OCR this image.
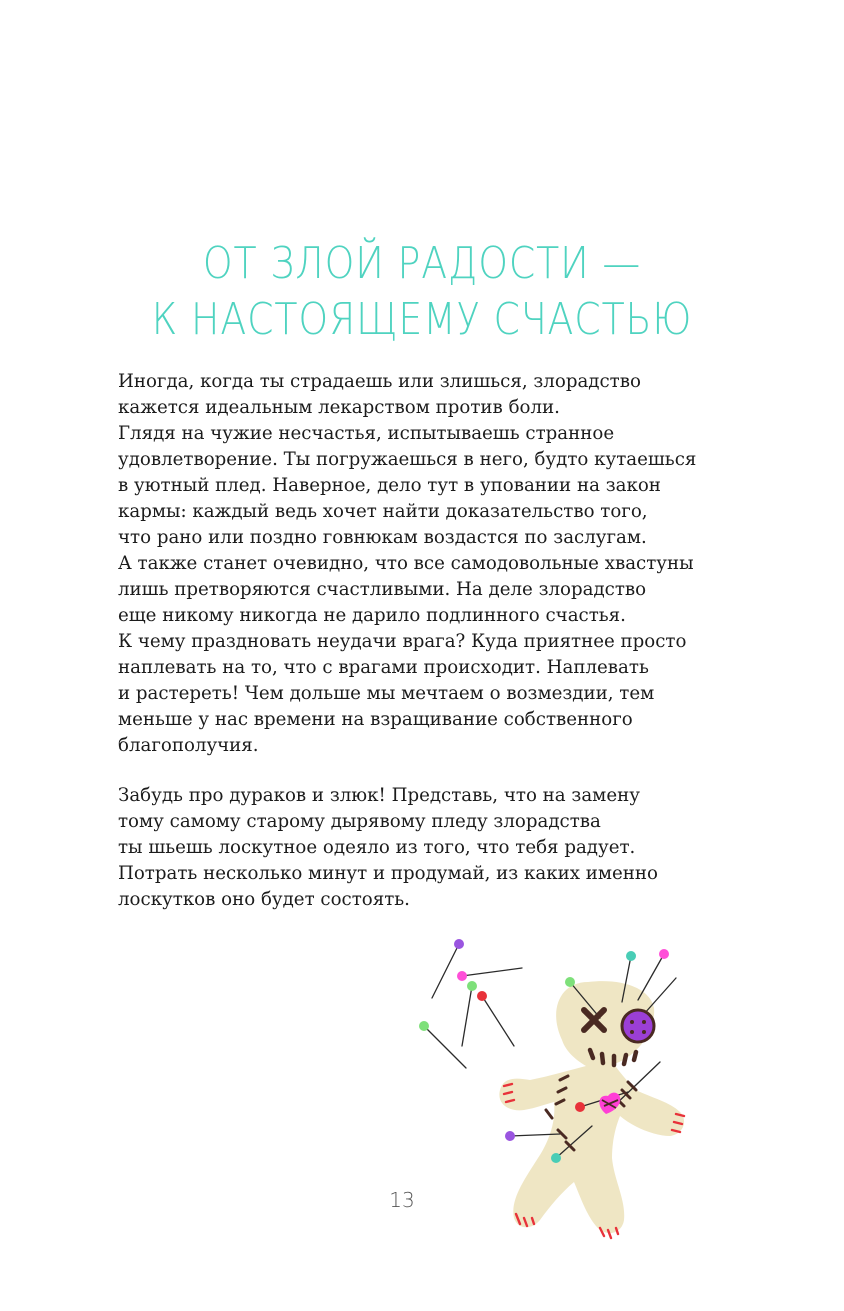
ОТ ЗЛОЙ РАДОСТИ —
К НАСТОЯЩЕМУ СЧАСТЬЮ

Иногда, когда ты страдаешь или злишься, злорадство
кажется идеальным лекарством против боли.
Глядя на чужие несчастья, испытываешь странное
удовлетворение. Ты погружаешься в него, будто кутаешься
в уютный плед. Наверное, дело тут в уповании на закон
кармы: каждый ведь хочет найти доказательство того,
что рано или поздно говнюкам воздастся по заслугам.
А также станет очевидно, что все самодовольные хвастуны
лишь претворяются счастливыми. На деле злорадство
еще никому никогда не дарило подлинного счастья.
К чему праздновать неудачи врага? Куда приятнее просто
наплевать на то, что с врагами происходит. Наплевать
и растереть! Чем дольше мы мечтаем о возмездии, тем
меньше у нас времени на взращивание собственного
благополучия.

Забудь про дураков и злюк! Представь, что на замену
тому самому старому дырявому пледу злорадства
ты шьешь лоскутное одеяло из того, что тебя радует.
Потрать несколько минут и продумай, из каких именно
лоскутков оно будет состоять.

13
